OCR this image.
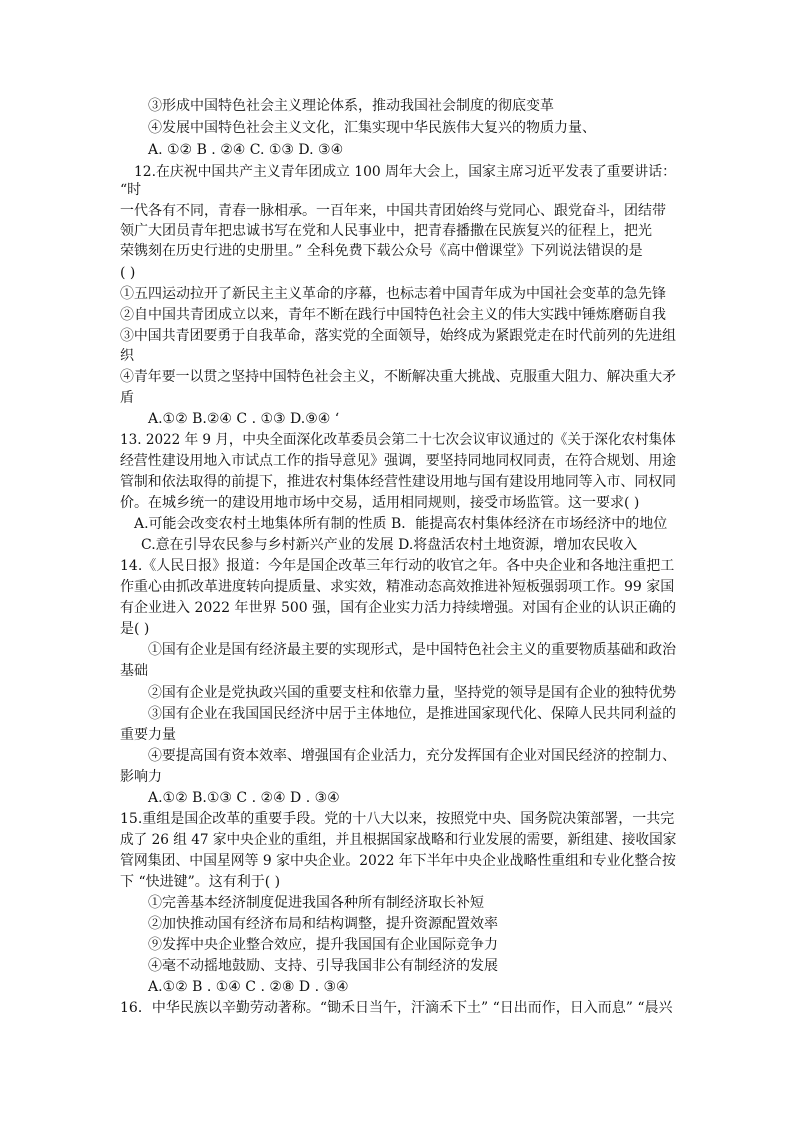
③形成中国特色社会主义理论体系，推动我国社会制度的彻底变革
④发展中国特色社会主义文化，汇集实现中华民族伟大复兴的物质力量、
A. ①② B . ②④ C. ①③ D. ③④
12.在庆祝中国共产主义青年团成立 100 周年大会上，国家主席习近平发表了重要讲话：
“时
一代各有不同，青春一脉相承。一百年来，中国共青团始终与党同心、跟党奋斗，团结带
领广大团员青年把忠诚书写在党和人民事业中，把青春播撒在民族复兴的征程上，把光
荣镌刻在历史行进的史册里。” 全科免费下载公众号《高中僧课堂》下列说法错误的是
( )
①五四运动拉开了新民主主义革命的序幕，也标志着中国青年成为中国社会变革的急先锋
②自中国共青团成立以来，青年不断在践行中国特色社会主义的伟大实践中锤炼磨砺自我
③中国共青团要勇于自我革命，落实党的全面领导，始终成为紧跟党走在时代前列的先进组
织
④青年要一以贯之坚持中国特色社会主义，不断解决重大挑战、克服重大阻力、解决重大矛
盾
A.①② B.②④ C . ①③ D.⑨④ ‘
13. 2022 年 9 月，中央全面深化改革委员会第二十七次会议审议通过的《关于深化农村集体
经营性建设用地入市试点工作的指导意见》强调，要坚持同地同权同责，在符合规划、用途
管制和依法取得的前提下，推进农村集体经营性建设用地与国有建设用地同等入市、同权同
价。在城乡统一的建设用地市场中交易，适用相同规则，接受市场监管。这一要求( )
A.可能会改变农村土地集体所有制的性质 B．能提高农村集体经济在市场经济中的地位
C.意在引导农民参与乡村新兴产业的发展 D.将盘活农村土地资源，增加农民收入
14.《人民日报》报道：今年是国企改革三年行动的收官之年。各中央企业和各地注重把工
作重心由抓改革进度转向提质量、求实效，精准动态高效推进补短板强弱项工作。99 家国
有企业进入 2022 年世界 500 强，国有企业实力活力持续增强。对国有企业的认识正确的
是( )
①国有企业是国有经济最主要的实现形式，是中国特色社会主义的重要物质基础和政治
基础
②国有企业是党执政兴国的重要支柱和依靠力量，坚持党的领导是国有企业的独特优势
③国有企业在我国国民经济中居于主体地位，是推进国家现代化、保障人民共同利益的
重要力量
④要提高国有资本效率、增强国有企业活力，充分发挥国有企业对国民经济的控制力、
影响力
A.①② B.①③ C . ②④ D . ③④
15.重组是国企改革的重要手段。党的十八大以来，按照党中央、国务院决策部署，一共完
成了 26 组 47 家中央企业的重组，并且根据国家战略和行业发展的需要，新组建、接收国家
管网集团、中国星网等 9 家中央企业。2022 年下半年中央企业战略性重组和专业化整合按
下 “快进键”。这有利于( )
①完善基本经济制度促进我国各种所有制经济取长补短
②加快推动国有经济布局和结构调整，提升资源配置效率
⑨发挥中央企业整合效应，提升我国国有企业国际竞争力
④毫不动摇地鼓励、支持、引导我国非公有制经济的发展
A.①② B . ①④ C . ②⑧ D . ③④
16．中华民族以辛勤劳动著称。“锄禾日当午，汗滴禾下土” “日出而作，日入而息” “晨兴
